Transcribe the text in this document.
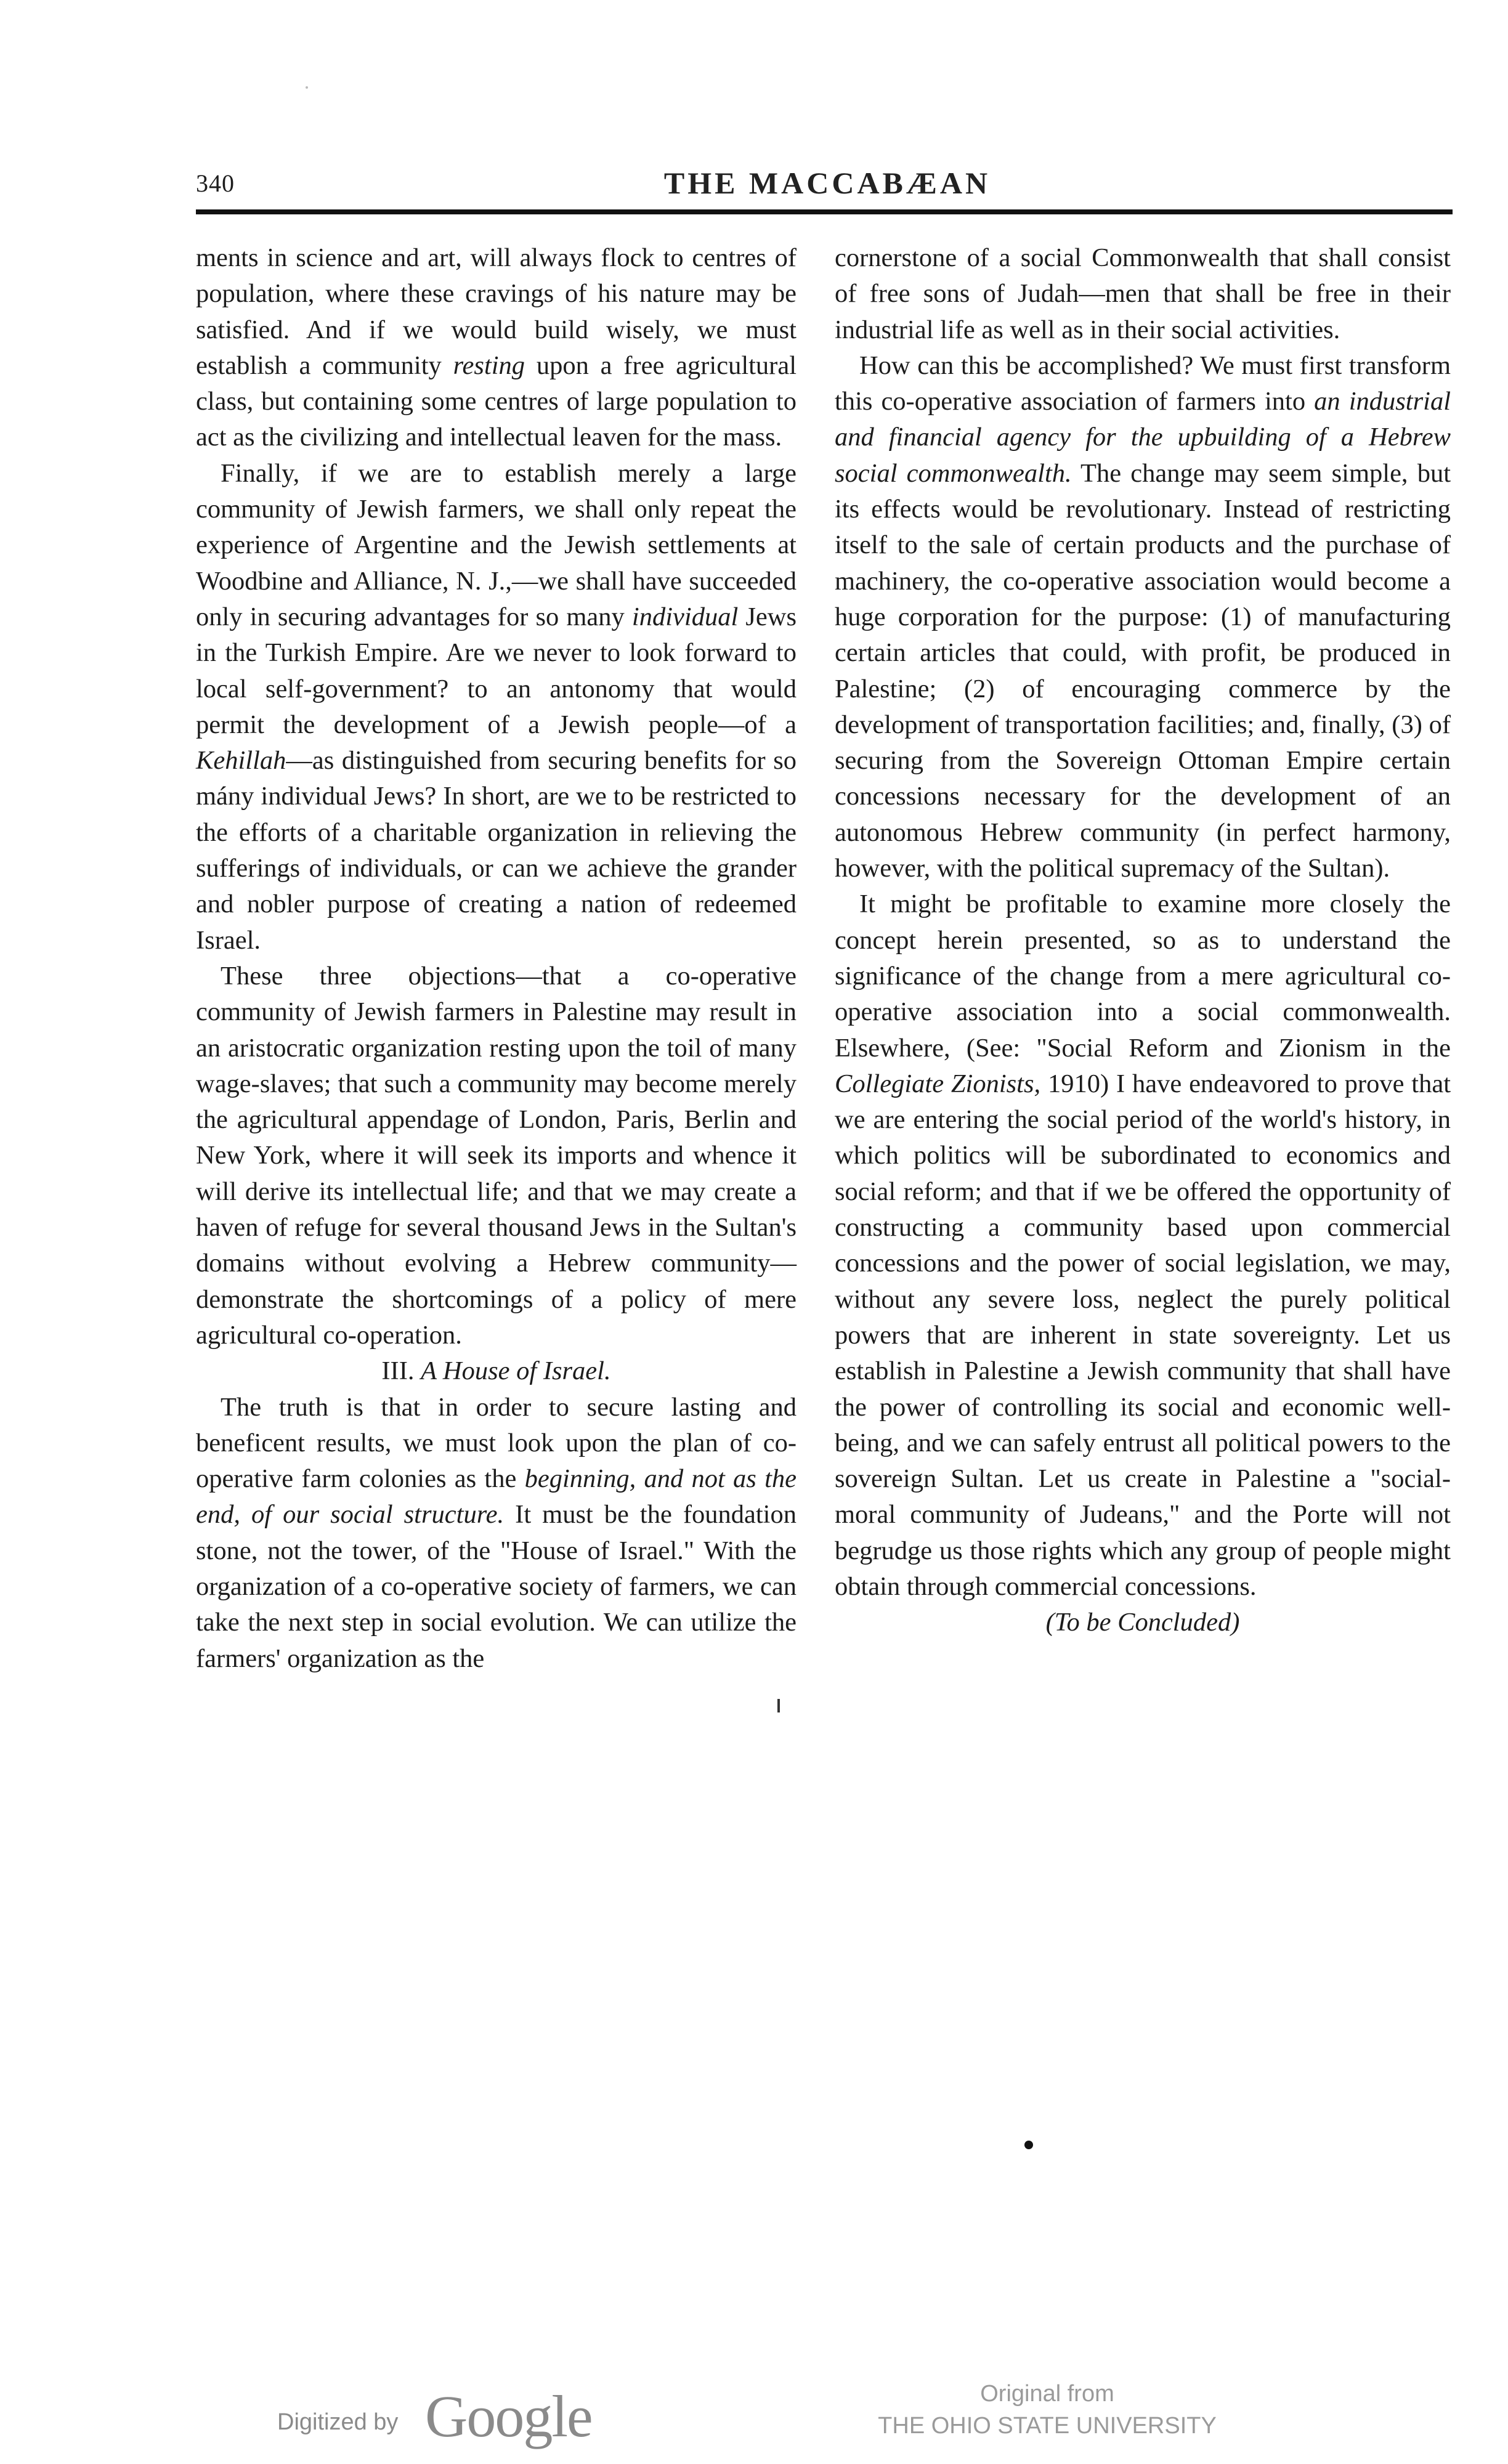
340	THE MACCABÆAN

ments in science and art, will always flock to centres of population, where these cravings of his nature may be satisfied. And if we would build wisely, we must establish a community resting upon a free agricultural class, but containing some centres of large population to act as the civilizing and intellectual leaven for the mass.

Finally, if we are to establish merely a large community of Jewish farmers, we shall only repeat the experience of Argentine and the Jewish settlements at Woodbine and Alliance, N. J.,—we shall have succeeded only in securing advantages for so many individual Jews in the Turkish Empire. Are we never to look forward to local self-government? to an antonomy that would permit the development of a Jewish people—of a Kehillah—as distinguished from securing benefits for so mány individual Jews? In short, are we to be restricted to the efforts of a charitable organization in relieving the sufferings of individuals, or can we achieve the grander and nobler purpose of creating a nation of redeemed Israel.

These three objections—that a co-operative community of Jewish farmers in Palestine may result in an aristocratic organization resting upon the toil of many wage-slaves; that such a community may become merely the agricultural appendage of London, Paris, Berlin and New York, where it will seek its imports and whence it will derive its intellectual life; and that we may create a haven of refuge for several thousand Jews in the Sultan's domains without evolving a Hebrew community—demonstrate the shortcomings of a policy of mere agricultural co-operation.

III. A House of Israel.

The truth is that in order to secure lasting and beneficent results, we must look upon the plan of co-operative farm colonies as the beginning, and not as the end, of our social structure. It must be the foundation stone, not the tower, of the "House of Israel." With the organization of a co-operative society of farmers, we can take the next step in social evolution. We can utilize the farmers' organization as the

cornerstone of a social Commonwealth that shall consist of free sons of Judah—men that shall be free in their industrial life as well as in their social activities.

How can this be accomplished? We must first transform this co-operative association of farmers into an industrial and financial agency for the upbuilding of a Hebrew social commonwealth. The change may seem simple, but its effects would be revolutionary. Instead of restricting itself to the sale of certain products and the purchase of machinery, the co-operative association would become a huge corporation for the purpose: (1) of manufacturing certain articles that could, with profit, be produced in Palestine; (2) of encouraging commerce by the development of transportation facilities; and, finally, (3) of securing from the Sovereign Ottoman Empire certain concessions necessary for the development of an autonomous Hebrew community (in perfect harmony, however, with the political supremacy of the Sultan).

It might be profitable to examine more closely the concept herein presented, so as to understand the significance of the change from a mere agricultural co-operative association into a social commonwealth. Elsewhere, (See: "Social Reform and Zionism in the Collegiate Zionists, 1910) I have endeavored to prove that we are entering the social period of the world's history, in which politics will be subordinated to economics and social reform; and that if we be offered the opportunity of constructing a community based upon commercial concessions and the power of social legislation, we may, without any severe loss, neglect the purely political powers that are inherent in state sovereignty. Let us establish in Palestine a Jewish community that shall have the power of controlling its social and economic well-being, and we can safely entrust all political powers to the sovereign Sultan. Let us create in Palestine a "social-moral community of Judeans," and the Porte will not begrudge us those rights which any group of people might obtain through commercial concessions.

(To be Concluded)

Digitized by Google	Original from
THE OHIO STATE UNIVERSITY
